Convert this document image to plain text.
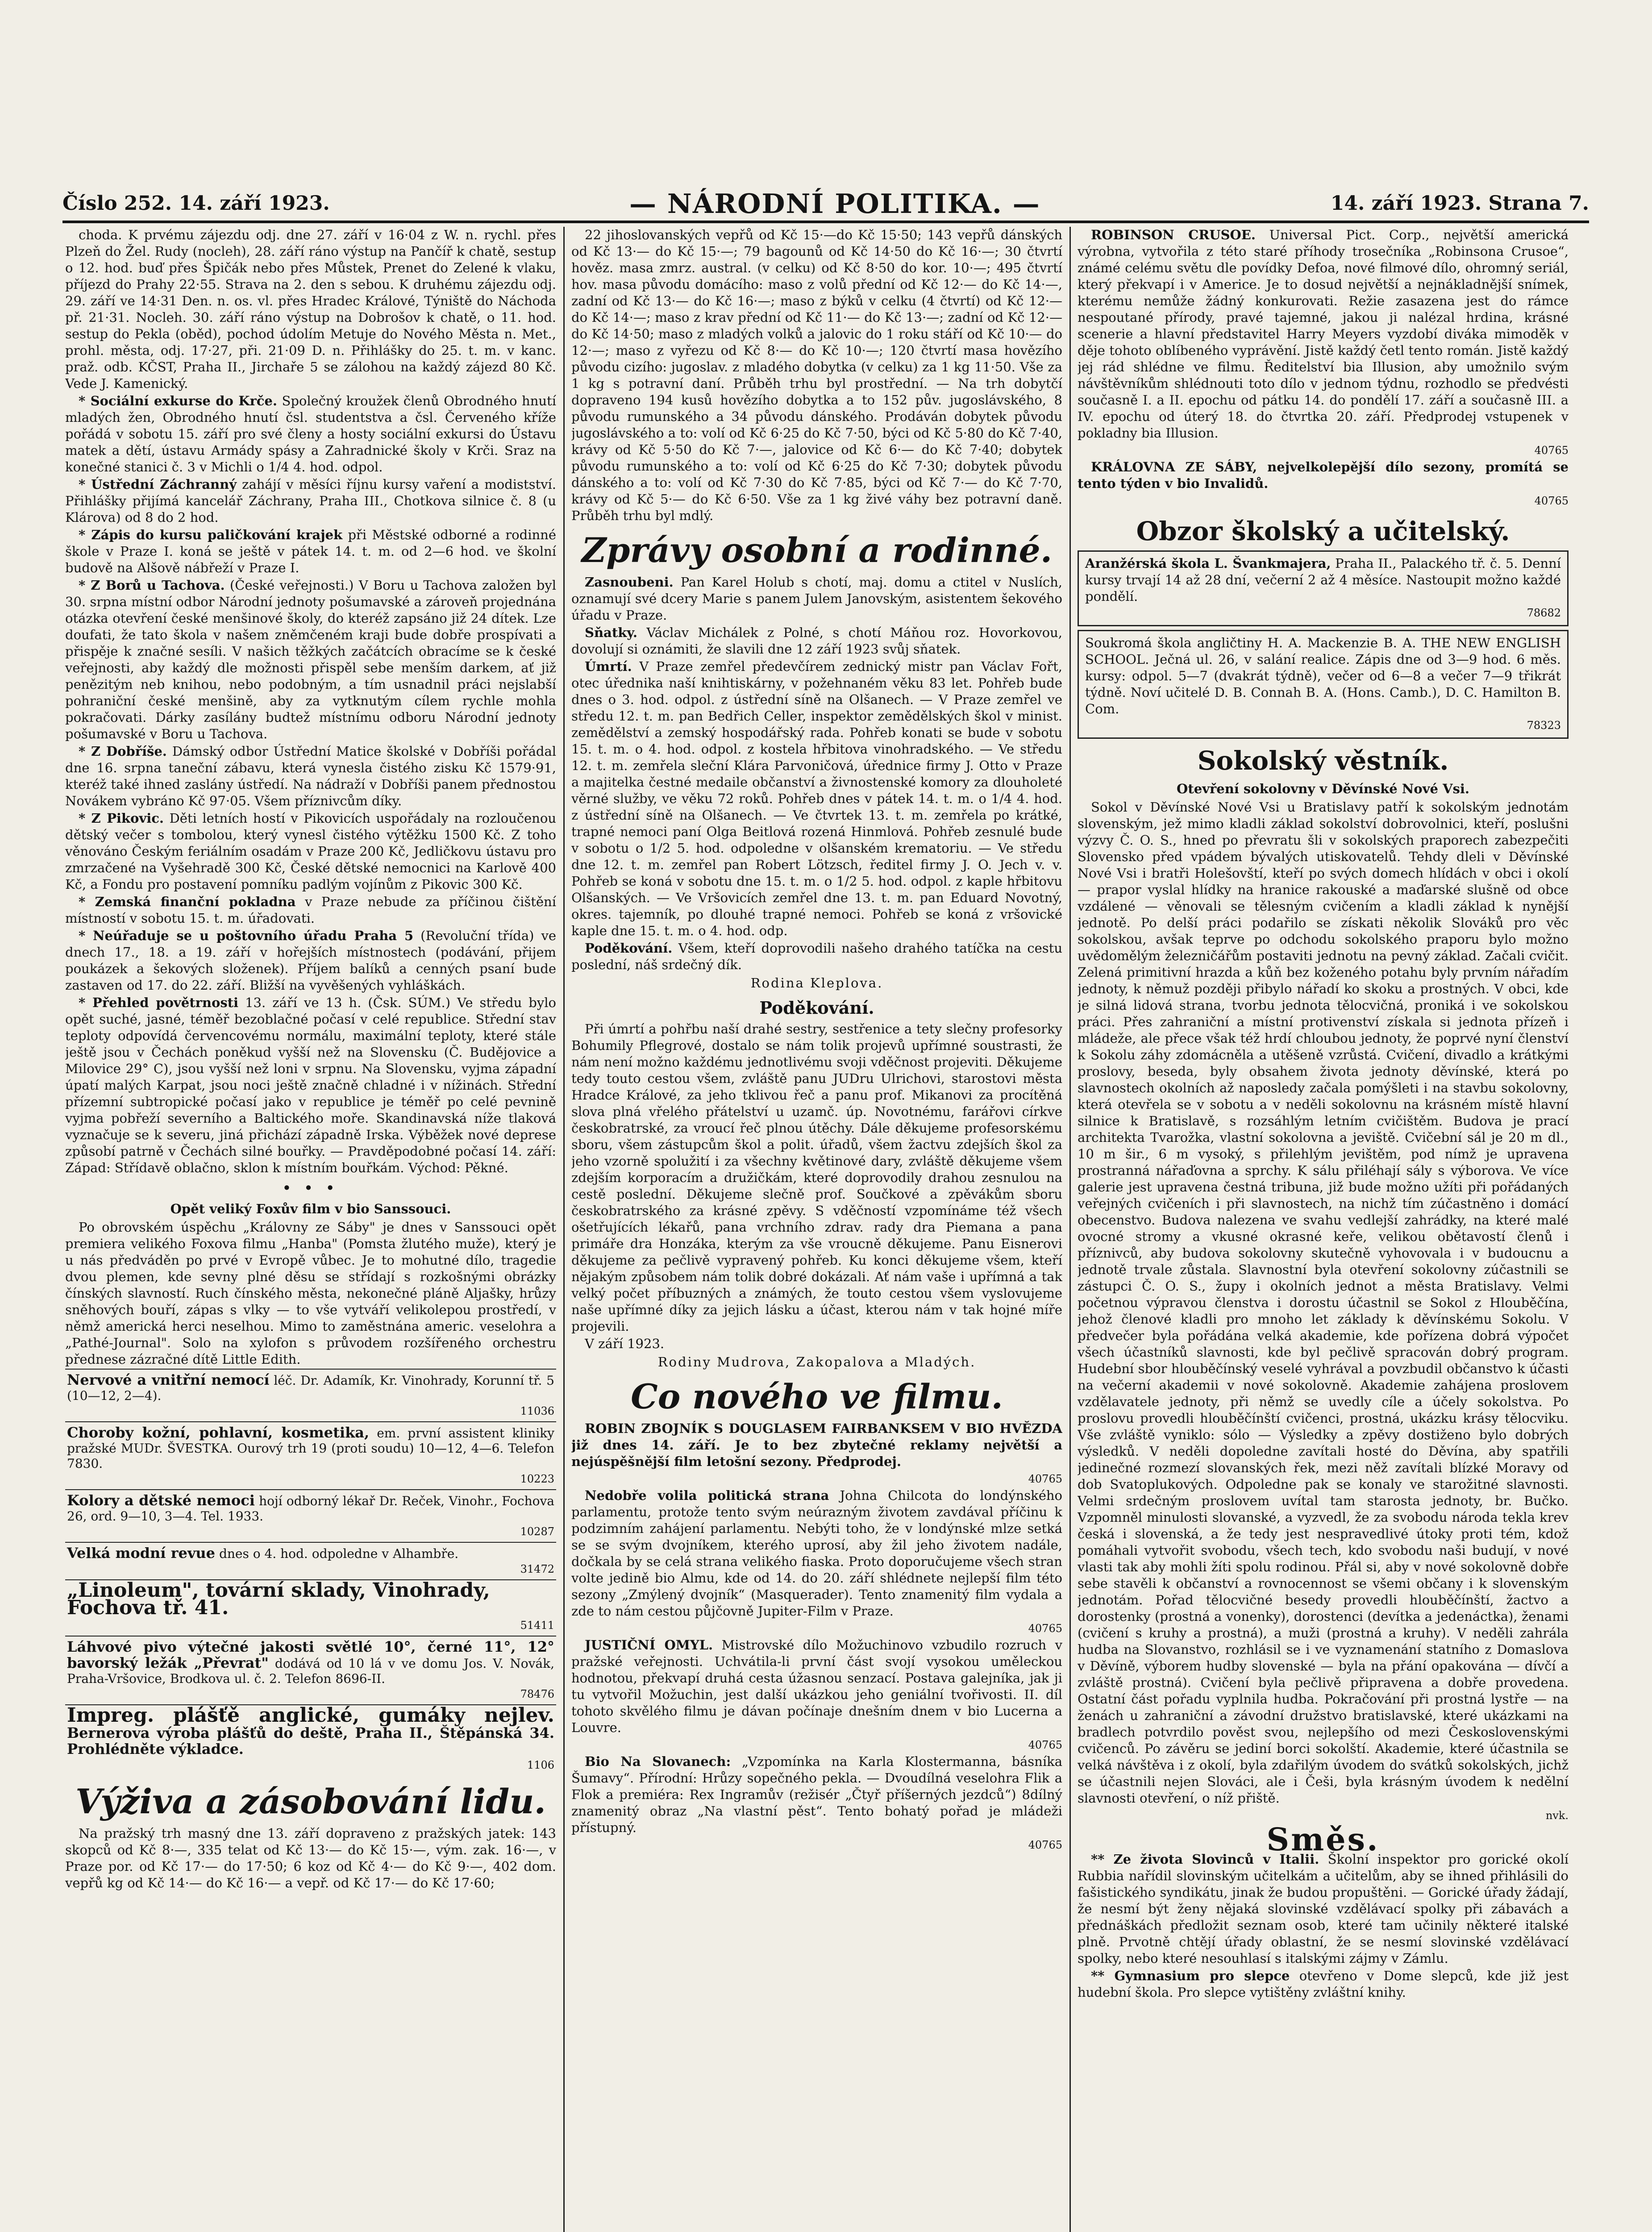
Číslo 252. 14. září 1923.	— NÁRODNÍ POLITIKA. —	14. září 1923. Strana 7.

choda. K prvému zájezdu odj. dne 27. září v 16·04 z W. n. rychl. přes Plzeň do Žel. Rudy (nocleh), 28. září ráno výstup na Pančíř k chatě, sestup o 12. hod. buď přes Špičák nebo přes Můstek, Prenet do Zelené k vlaku, příjezd do Prahy 22·55. Strava na 2. den s sebou. K druhému zájezdu odj. 29. září ve 14·31 Den. n. os. vl. přes Hradec Králové, Týniště do Náchoda př. 21·31. Nocleh. 30. září ráno výstup na Dobrošov k chatě, o 11. hod. sestup do Pekla (oběd), pochod údolím Metuje do Nového Města n. Met., prohl. města, odj. 17·27, při. 21·09 D. n. Přihlášky do 25. t. m. v kanc. praž. odb. KČST, Praha II., Jirchaře 5 se zálohou na každý zájezd 80 Kč. Vede J. Kamenický.

* Sociální exkurse do Krče. Společný kroužek členů Obrodného hnutí mladých žen, Obrodného hnutí čsl. studentstva a čsl. Červeného kříže pořádá v sobotu 15. září pro své členy a hosty sociální exkursi do Ústavu matek a dětí, ústavu Armády spásy a Zahradnické školy v Krči. Sraz na konečné stanici č. 3 v Michli o 1/4 4. hod. odpol.

* Ústřední Záchranný zahájí v měsíci říjnu kursy vaření a modistství. Přihlášky přijímá kancelář Záchrany, Praha III., Chotkova silnice č. 8 (u Klárova) od 8 do 2 hod.

* Zápis do kursu paličkování krajek při Městské odborné a rodinné škole v Praze I. koná se ještě v pátek 14. t. m. od 2—6 hod. ve školní budově na Alšově nábřeží v Praze I.

* Z Borů u Tachova. (České veřejnosti.) V Boru u Tachova založen byl 30. srpna místní odbor Národní jednoty pošumavské a zároveň projednána otázka otevření české menšinové školy, do kteréž zapsáno již 24 dítek. Lze doufati, že tato škola v našem zněmčeném kraji bude dobře prospívati a přispěje k značné sesíli. V našich těžkých začátcích obracíme se k české veřejnosti, aby každý dle možnosti přispěl sebe menším darkem, ať již penězitým neb knihou, nebo podobným, a tím usnadnil práci nejslabší pohraniční české menšině, aby za vytknutým cílem rychle mohla pokračovati. Dárky zasílány budtež místnímu odboru Národní jednoty pošumavské v Boru u Tachova.

* Z Dobříše. Dámský odbor Ústřední Matice školské v Dobříši pořádal dne 16. srpna taneční zábavu, která vynesla čistého zisku Kč 1579·91, kteréž také ihned zaslány ústředí. Na nádraží v Dobříši panem přednostou Novákem vybráno Kč 97·05. Všem příznivcům díky.

* Z Pikovic. Děti letních hostí v Pikovicích uspořádaly na rozloučenou dětský večer s tombolou, který vynesl čistého výtěžku 1500 Kč. Z toho věnováno Českým feriálním osadám v Praze 200 Kč, Jedličkovu ústavu pro zmrzačené na Vyšehradě 300 Kč, České dětské nemocnici na Karlově 400 Kč, a Fondu pro postavení pomníku padlým vojínům z Pikovic 300 Kč.

* Zemská finanční pokladna v Praze nebude za příčinou čištění místností v sobotu 15. t. m. úřadovati.

* Neúřaduje se u poštovního úřadu Praha 5 (Revoluční třída) ve dnech 17., 18. a 19. září v hořejších místnostech (podávání, přijem poukázek a šekových složenek). Příjem balíků a cenných psaní bude zastaven od 17. do 22. září. Bližší na vyvěšených vyhláškách.

* Přehled povětrnosti 13. září ve 13 h. (Čsk. SÚM.) Ve středu bylo opět suché, jasné, téměř bezoblačné počasí v celé republice. Střední stav teploty odpovídá červencovému normálu, maximální teploty, které stále ještě jsou v Čechách poněkud vyšší než na Slovensku (Č. Budějovice a Milovice 29° C), jsou vyšší než loni v srpnu. Na Slovensku, vyjma západní úpatí malých Karpat, jsou noci ještě značně chladné i v nížinách. Střední přízemní subtropické počasí jako v republice je téměř po celé pevnině vyjma pobřeží severního a Baltického moře. Skandinavská níže tlaková vyznačuje se k severu, jiná přichází západně Irska. Výběžek nové deprese způsobí patrně v Čechách silné bouřky. — Pravděpodobné počasí 14. září: Západ: Střídavě oblačno, sklon k místním bouřkám. Východ: Pěkné.

• • •
Opět veliký Foxův film v bio Sanssouci.

Po obrovském úspěchu „Královny ze Sáby" je dnes v Sanssouci opět premiera velikého Foxova filmu „Hanba" (Pomsta žlutého muže), který je u nás předváděn po prvé v Evropě vůbec. Je to mohutné dílo, tragedie dvou plemen, kde sevny plné děsu se střídají s rozkošnými obrázky čínských slavností. Ruch čínského města, nekonečné pláně Aljašky, hrůzy sněhových bouří, zápas s vlky — to vše vytváří velikolepou prostředí, v němž americká herci neselhou. Mimo to zaměstnána americ. veselohra a „Pathé-Journal". Solo na xylofon s průvodem rozšířeného orchestru přednese zázračné dítě Little Edith.

Nervové a vnitřní nemocí léč. Dr. Adamík, Kr. Vinohrady, Korunní tř. 5 (10—12, 2—4).
11036
Choroby kožní, pohlavní, kosmetika, em. první assistent kliniky pražské MUDr. ŠVESTKA. Ourový trh 19 (proti soudu) 10—12, 4—6. Telefon 7830.
10223
Kolory a dětské nemoci hojí odborný lékař Dr. Reček, Vinohr., Fochova 26, ord. 9—10, 3—4. Tel. 1933.
10287
Velká modní revue dnes o 4. hod. odpoledne v Alhambře.
31472
„Linoleum", tovární sklady, Vinohrady,
Fochova tř. 41.
51411
Láhvové pivo výtečné jakosti světlé 10°, černé 11°, 12° bavorský ležák „Převrat" dodává od 10 lá v ve domu Jos. V. Novák, Praha-Vršovice, Brodkova ul. č. 2. Telefon 8696-II.
78476
Impreg. plášťě anglické, gumáky nejlev. Bernerova výroba plášťů do deště, Praha II., Štěpánská 34. Prohlédněte výkladce.
1106
Výživa a zásobování lidu.

Na pražský trh masný dne 13. září dopraveno z pražských jatek: 143 skopců od Kč 8·—, 335 telat od Kč 13·— do Kč 15·—, vým. zak. 16·—, v Praze por. od Kč 17·— do 17·50; 6 koz od Kč 4·— do Kč 9·—, 402 dom. vepřů kg od Kč 14·— do Kč 16·— a vepř. od Kč 17·— do Kč 17·60;

22 jihoslovanských vepřů od Kč 15·—do Kč 15·50; 143 vepřů dánských od Kč 13·— do Kč 15·—; 79 bagounů od Kč 14·50 do Kč 16·—; 30 čtvrtí hověz. masa zmrz. austral. (v celku) od Kč 8·50 do kor. 10·—; 495 čtvrtí hov. masa původu domácího: maso z volů přední od Kč 12·— do Kč 14·—, zadní od Kč 13·— do Kč 16·—; maso z býků v celku (4 čtvrtí) od Kč 12·— do Kč 14·—; maso z krav přední od Kč 11·— do Kč 13·—; zadní od Kč 12·— do Kč 14·50; maso z mladých volků a jalovic do 1 roku stáří od Kč 10·— do 12·—; maso z vyřezu od Kč 8·— do Kč 10·—; 120 čtvrtí masa hovězího původu cizího: jugoslav. z mladého dobytka (v celku) za 1 kg 11·50. Vše za 1 kg s potravní daní. Průběh trhu byl prostřední. — Na trh dobytčí dopraveno 194 kusů hovězího dobytka a to 152 pův. jugoslávského, 8 původu rumunského a 34 původu dánského. Prodáván dobytek původu jugoslávského a to: volí od Kč 6·25 do Kč 7·50, býci od Kč 5·80 do Kč 7·40, krávy od Kč 5·50 do Kč 7·—, jalovice od Kč 6·— do Kč 7·40; dobytek původu rumunského a to: volí od Kč 6·25 do Kč 7·30; dobytek původu dánského a to: volí od Kč 7·30 do Kč 7·85, býci od Kč 7·— do Kč 7·70, krávy od Kč 5·— do Kč 6·50. Vše za 1 kg živé váhy bez potravní daně. Průběh trhu byl mdlý.

Zprávy osobní a rodinné.

Zasnoubeni. Pan Karel Holub s chotí, maj. domu a ctitel v Nuslích, oznamují své dcery Marie s panem Julem Janovským, asistentem šekového úřadu v Praze.

Sňatky. Václav Michálek z Polné, s chotí Máňou roz. Hovorkovou, dovolují si oznámiti, že slavili dne 12 září 1923 svůj sňatek.

Úmrtí. V Praze zemřel předevčírem zednický mistr pan Václav Fořt, otec úřednika naší knihtiskárny, v požehnaném věku 83 let. Pohřeb bude dnes o 3. hod. odpol. z ústřední síně na Olšanech. — V Praze zemřel ve středu 12. t. m. pan Bedřich Celler, inspektor zemědělských škol v minist. zemědělství a zemský hospodářský rada. Pohřeb konati se bude v sobotu 15. t. m. o 4. hod. odpol. z kostela hřbitova vinohradského. — Ve středu 12. t. m. zemřela sleční Klára Parvoničová, úřednice firmy J. Otto v Praze a majitelka čestné medaile občanství a živnostenské komory za dlouholeté věrné služby, ve věku 72 roků. Pohřeb dnes v pátek 14. t. m. o 1/4 4. hod. z ústřední síně na Olšanech. — Ve čtvrtek 13. t. m. zemřela po krátké, trapné nemoci paní Olga Beitlová rozená Hinmlová. Pohřeb zesnulé bude v sobotu o 1/2 5. hod. odpoledne v olšanském krematoriu. — Ve středu dne 12. t. m. zemřel pan Robert Lötzsch, ředitel firmy J. O. Jech v. v. Pohřeb se koná v sobotu dne 15. t. m. o 1/2 5. hod. odpol. z kaple hřbitovu Olšanských. — Ve Vršovicích zemřel dne 13. t. m. pan Eduard Novotný, okres. tajemník, po dlouhé trapné nemoci. Pohřeb se koná z vršovické kaple dne 15. t. m. o 4. hod. odp.

Poděkování. Všem, kteří doprovodili našeho drahého tatíčka na cestu poslední, náš srdečný dík.

Rodina Kleplova.
Poděkování.

Při úmrtí a pohřbu naší drahé sestry, sestřenice a tety slečny profesorky Bohumily Pflegrové, dostalo se nám tolik projevů upřímné soustrasti, že nám není možno každému jednotlivému svoji vděčnost projeviti. Děkujeme tedy touto cestou všem, zvláště panu JUDru Ulrichovi, starostovi města Hradce Králové, za jeho tklivou řeč a panu prof. Mikanovi za procítěná slova plná vřelého přátelství u uzamč. úp. Novotnému, farářovi církve českobratrské, za vroucí řeč plnou útěchy. Dále děkujeme profesorskému sboru, všem zástupcům škol a polit. úřadů, všem žactvu zdejších škol za jeho vzorně spolužití i za všechny květinové dary, zvláště děkujeme všem zdejším korporacím a družičkám, které doprovodily drahou zesnulou na cestě poslední. Děkujeme slečně prof. Součkové a zpěvákům sboru českobratrského za krásné zpěvy. S vděčností vzpomínáme též všech ošetřujících lékařů, pana vrchního zdrav. rady dra Piemana a pana primáře dra Honzáka, kterým za vše vroucně děkujeme. Panu Eisnerovi děkujeme za pečlivě vypravený pohřeb. Ku konci děkujeme všem, kteří nějakým způsobem nám tolik dobré dokázali. Ať nám vaše i upřímná a tak velký počet příbuzných a známých, že touto cestou všem vyslovujeme naše upřímné díky za jejich lásku a účast, kterou nám v tak hojné míře projevili.

V září 1923.

Rodiny Mudrova, Zakopalova a Mladých.
Co nového ve filmu.

ROBIN ZBOJNÍK S DOUGLASEM FAIRBANKSEM V BIO HVĚZDA již dnes 14. září. Je to bez zbytečné reklamy největší a nejúspěšnější film letošní sezony. Předprodej.

40765

Nedobře volila politická strana Johna Chilcota do londýnského parlamentu, protože tento svým neúrazným životem zavdával příčinu k podzimním zahájení parlamentu. Nebýti toho, že v londýnské mlze setká se se svým dvojníkem, kterého uprosí, aby žil jeho životem nadále, dočkala by se celá strana velikého fiaska. Proto doporučujeme všech stran volte jedině bio Almu, kde od 14. do 20. září shlédnete nejlepší film této sezony „Zmýlený dvojník“ (Masquerader). Tento znamenitý film vydala a zde to nám cestou půjčovně Jupiter-Film v Praze.

40765

JUSTIČNÍ OMYL. Mistrovské dílo Možuchinovo vzbudilo rozruch v pražské veřejnosti. Uchvátila-li první část svojí vysokou uměleckou hodnotou, překvapí druhá cesta úžasnou senzací. Postava galejníka, jak ji tu vytvořil Možuchin, jest další ukázkou jeho geniální tvořivosti. II. díl tohoto skvělého filmu je dávan počínaje dnešním dnem v bio Lucerna a Louvre.

40765

Bio Na Slovanech: „Vzpomínka na Karla Klostermanna, básníka Šumavy“. Přírodní: Hrůzy sopečného pekla. — Dvoudílná veselohra Flik a Flok a premiéra: Rex Ingramův (režisér „Čtyř příšerných jezdců“) 8dílný znamenitý obraz „Na vlastní pěst“. Tento bohatý pořad je mládeži přístupný.

40765

ROBINSON CRUSOE. Universal Pict. Corp., největší americká výrobna, vytvořila z této staré příhody trosečníka „Robinsona Crusoe“, známé celému světu dle povídky Defoa, nové filmové dílo, ohromný seriál, který překvapí i v Americe. Je to dosud největší a nejnákladnější snímek, kterému nemůže žádný konkurovati. Režie zasazena jest do rámce nespoutané přírody, pravé tajemné, jakou ji nalézal hrdina, krásné scenerie a hlavní představitel Harry Meyers vyzdobí diváka mimoděk v děje tohoto oblíbeného vyprávění. Jistě každý četl tento román. Jistě každý jej rád shlédne ve filmu. Ředitelství bia Illusion, aby umožnilo svým návštěvníkům shlédnouti toto dílo v jednom týdnu, rozhodlo se předvésti současně I. a II. epochu od pátku 14. do pondělí 17. září a současně III. a IV. epochu od úterý 18. do čtvrtka 20. září. Předprodej vstupenek v pokladny bia Illusion.

40765

KRÁLOVNA ZE SÁBY, nejvelkolepější dílo sezony, promítá se tento týden v bio Invalidů.

40765
Obzor školský a učitelský.
Aranžérská škola L. Švankmajera, Praha II., Palackého tř. č. 5. Denní kursy trvají 14 až 28 dní, večerní 2 až 4 měsíce. Nastoupit možno každé pondělí.
78682
Soukromá škola angličtiny H. A. Mackenzie B. A. THE NEW ENGLISH SCHOOL. Ječná ul. 26, v salání realice. Zápis dne od 3—9 hod. 6 měs. kursy: odpol. 5—7 (dvakrát týdně), večer od 6—8 a večer 7—9 třikrát týdně. Noví učitelé D. B. Connah B. A. (Hons. Camb.), D. C. Hamilton B. Com.
78323
Sokolský věstník.
Otevření sokolovny v Děvínské Nové Vsi.

Sokol v Děvínské Nové Vsi u Bratislavy patří k sokolským jednotám slovenským, jež mimo kladli základ sokolství dobrovolnici, kteří, poslušni výzvy Č. O. S., hned po převratu šli v sokolských praporech zabezpečiti Slovensko před vpádem bývalých utiskovatelů. Tehdy dleli v Děvínské Nové Vsi i bratři Holešovští, kteří po svých domech hlídách v obci i okolí — prapor vyslal hlídky na hranice rakouské a maďarské slušně od obce vzdálené — věnovali se tělesným cvičením a kladli základ k nynější jednotě. Po delší práci podařilo se získati několik Slováků pro věc sokolskou, avšak teprve po odchodu sokolského praporu bylo možno uvědomělým železničářům postaviti jednotu na pevný základ. Začali cvičit. Zelená primitivní hrazda a kůň bez koženého potahu byly prvním nářadím jednoty, k němuž později přibylo nářadí ko skoku a prostných. V obci, kde je silná lidová strana, tvorbu jednota tělocvičná, proniká i ve sokolskou práci. Přes zahraniční a místní protivenství získala si jednota přízeň i mládeže, ale přece však též hrdí chloubou jednoty, že poprvé nyní členství k Sokolu záhy zdomácněla a utěšeně vzrůstá. Cvičení, divadlo a krátkými proslovy, beseda, byly obsahem života jednoty děvínské, která po slavnostech okolních až naposledy začala pomýšleti i na stavbu sokolovny, která otevřela se v sobotu a v neděli sokolovnu na krásném místě hlavní silnice k Bratislavě, s rozsáhlým letním cvičištěm. Budova je prací architekta Tvarožka, vlastní sokolovna a jeviště. Cvičební sál je 20 m dl., 10 m šir., 6 m vysoký, s přilehlým jevištěm, pod nímž je upravena prostranná nářaďovna a sprchy. K sálu přiléhají sály s výborova. Ve více galerie jest upravena čestná tribuna, již bude možno užíti při pořádaných veřejných cvičeních i při slavnostech, na nichž tím zúčastněno i domácí obecenstvo. Budova nalezena ve svahu vedlejší zahrádky, na které malé ovocné stromy a vkusné okrasné keře, velikou obětavostí členů i příznivců, aby budova sokolovny skutečně vyhovovala i v budoucnu a jednotě trvale zůstala. Slavnostní byla otevření sokolovny zúčastnili se zástupci Č. O. S., župy i okolních jednot a města Bratislavy. Velmi početnou výpravou členstva i dorostu účastnil se Sokol z Hlouběčína, jehož členové kladli pro mnoho let základy k děvínskému Sokolu. V předvečer byla pořádána velká akademie, kde pořízena dobrá výpočet všech účastníků slavnosti, kde byl pečlivě spracován dobrý program. Hudební sbor hlouběčínský veselé vyhrával a povzbudil občanstvo k účasti na večerní akademii v nové sokolovně. Akademie zahájena proslovem vzdělavatele jednoty, při němž se uvedly cíle a účely sokolstva. Po proslovu provedli hlouběčínští cvičenci, prostná, ukázku krásy tělocviku. Vše zvláště vyniklo: sólo — Výsledky a zpěvy dostiženo bylo dobrých výsledků. V neděli dopoledne zavítali hosté do Děvína, aby spatřili jedinečné rozmezí slovanských řek, mezi něž zavítali blízké Moravy od dob Svatoplukových. Odpoledne pak se konaly ve starožitné slavnosti. Velmi srdečným proslovem uvítal tam starosta jednoty, br. Bučko. Vzpomněl minulosti slovanské, a vyzvedl, že za svobodu národa tekla krev česká i slovenská, a že tedy jest nespravedlivé útoky proti tém, kdož pomáhali vytvořit svobodu, všech tech, kdo svobodu naši budují, v nové vlasti tak aby mohli žíti spolu rodinou. Přál si, aby v nové sokolovně dobře sebe stavěli k občanství a rovnocennost se všemi občany i k slovenským jednotám. Pořad tělocvičné besedy provedli hlouběčínští, žactvo a dorostenky (prostná a vonenky), dorostenci (devítka a jedenáctka), ženami (cvičení s kruhy a prostná), a muži (prostná a kruhy). V neděli zahrála hudba na Slovanstvo, rozhlásil se i ve vyznamenání statního z Domaslova v Děvíně, výborem hudby slovenské — byla na přání opakována — dívčí a zvláště prostná). Cvičení byla pečlivě připravena a dobře provedena. Ostatní část pořadu vyplnila hudba. Pokračování při prostná lystře — na ženách u zahraniční a závodní družstvo bratislavské, které ukázkami na bradlech potvrdilo pověst svou, nejlepšího od mezi Československými cvičenců. Po závěru se jediní borci sokolští. Akademie, které účastnila se velká návštěva i z okolí, byla zdařilým úvodem do svátků sokolských, jichž se účastnili nejen Slováci, ale i Češi, byla krásným úvodem k nedělní slavnosti otevření, o níž přiště.

nvk.
Směs.

** Ze života Slovinců v Italii. Školní inspektor pro gorické okolí Rubbia nařídil slovinským učitelkám a učitelům, aby se ihned přihlásili do fašistického syndikátu, jinak že budou propuštěni. — Gorické úřady žádají, že nesmí být ženy nějaká slovinské vzdělávací spolky při zábavách a přednáškách předložit seznam osob, které tam učinily některé italské plně. Prvotně chtějí úřady oblastní, že se nesmí slovinské vzdělávací spolky, nebo které nesouhlasí s italskými zájmy v Zámlu.

** Gymnasium pro slepce otevřeno v Dome slepců, kde již jest hudební škola. Pro slepce vytištěny zvláštní knihy.
